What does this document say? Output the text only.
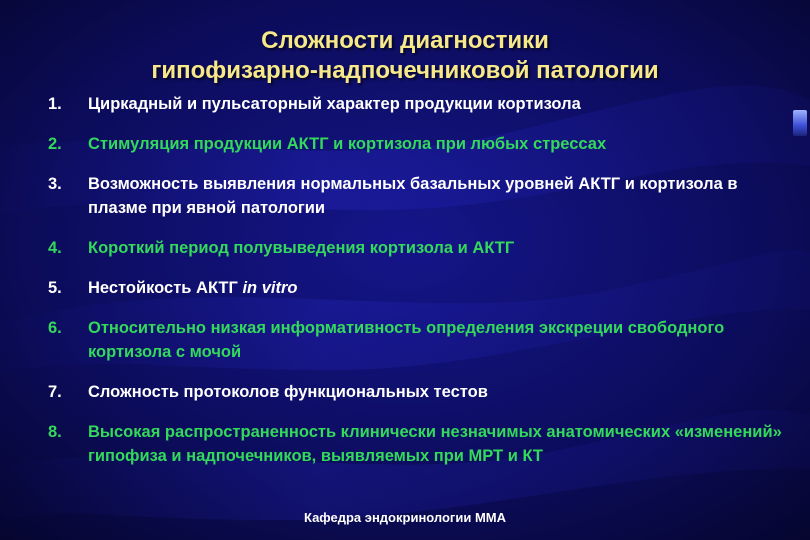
Сложности диагностики
гипофизарно-надпочечниковой патологии
1. Циркадный и пульсаторный характер продукции кортизола
2. Стимуляция продукции АКТГ и кортизола при любых стрессах
3. Возможность выявления нормальных базальных уровней АКТГ и кортизола в плазме при явной патологии
4. Короткий период полувыведения кортизола и АКТГ
5. Нестойкость АКТГ in vitro
6. Относительно низкая информативность определения экскреции свободного кортизола с мочой
7. Сложность протоколов функциональных тестов
8. Высокая распространенность клинически незначимых анатомических «изменений» гипофиза и надпочечников, выявляемых при МРТ и КТ
Кафедра эндокринологии ММА
